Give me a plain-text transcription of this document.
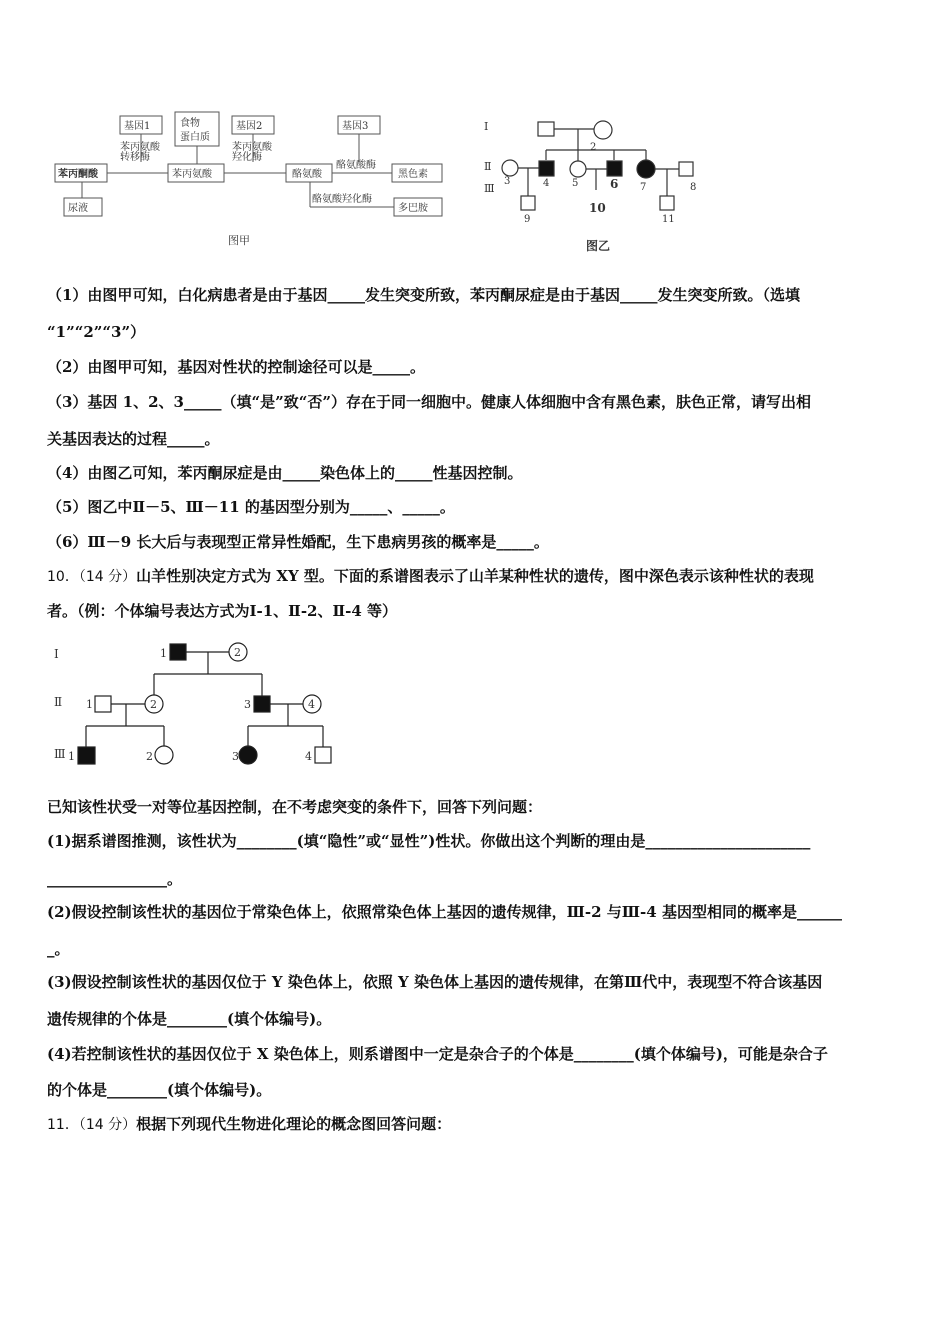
基因1	食物
蛋白质
基因2	基因3
苯丙氨酸
转移酶
苯丙氨酸
羟化酶
酪氨酸酶
苯丙酮酸	苯丙氨酸	酪氨酸	黑色素
尿液
酪氨酸羟化酶
多巴胺
图甲
Ⅰ
Ⅱ
Ⅲ
2
3	4 5	6 7	8
9
10
11
图乙
（1）由图甲可知，白化病患者是由于基因_____发生突变所致，苯丙酮尿症是由于基因_____发生突变所致。（选填
“1”“2”“3”）
（2）由图甲可知，基因对性状的控制途径可以是_____。
（3）基因 1、2、3_____（填“是”致“否”）存在于同一细胞中。健康人体细胞中含有黑色素，肤色正常，请写出相
关基因表达的过程_____。
（4）由图乙可知，苯丙酮尿症是由_____染色体上的_____性基因控制。
（5）图乙中Ⅱ－5、Ⅲ－11 的基因型分别为_____、_____。
（6）Ⅲ－9 长大后与表现型正常异性婚配，生下患病男孩的概率是_____。
10．（14 分）山羊性别决定方式为 XY 型。下面的系谱图表示了山羊某种性状的遗传，图中深色表示该种性状的表现
者。（例：个体编号表达方式为Ⅰ-1、Ⅱ-2、Ⅱ-4 等）
Ⅰ
Ⅱ
Ⅲ
1	2
1	2	3	4
1	2	3	4
已知该性状受一对等位基因控制，在不考虑突变的条件下，回答下列问题：
(1)据系谱图推测，该性状为________(填“隐性”或“显性”)性状。你做出这个判断的理由是______________________
________________。
(2)假设控制该性状的基因位于常染色体上，依照常染色体上基因的遗传规律，Ⅲ-2 与Ⅲ-4 基因型相同的概率是______
_。
(3)假设控制该性状的基因仅位于 Y 染色体上，依照 Y 染色体上基因的遗传规律，在第Ⅲ代中，表现型不符合该基因
遗传规律的个体是________(填个体编号)。
(4)若控制该性状的基因仅位于 X 染色体上，则系谱图中一定是杂合子的个体是________(填个体编号)，可能是杂合子
的个体是________(填个体编号)。
11．（14 分）根据下列现代生物进化理论的概念图回答问题：
